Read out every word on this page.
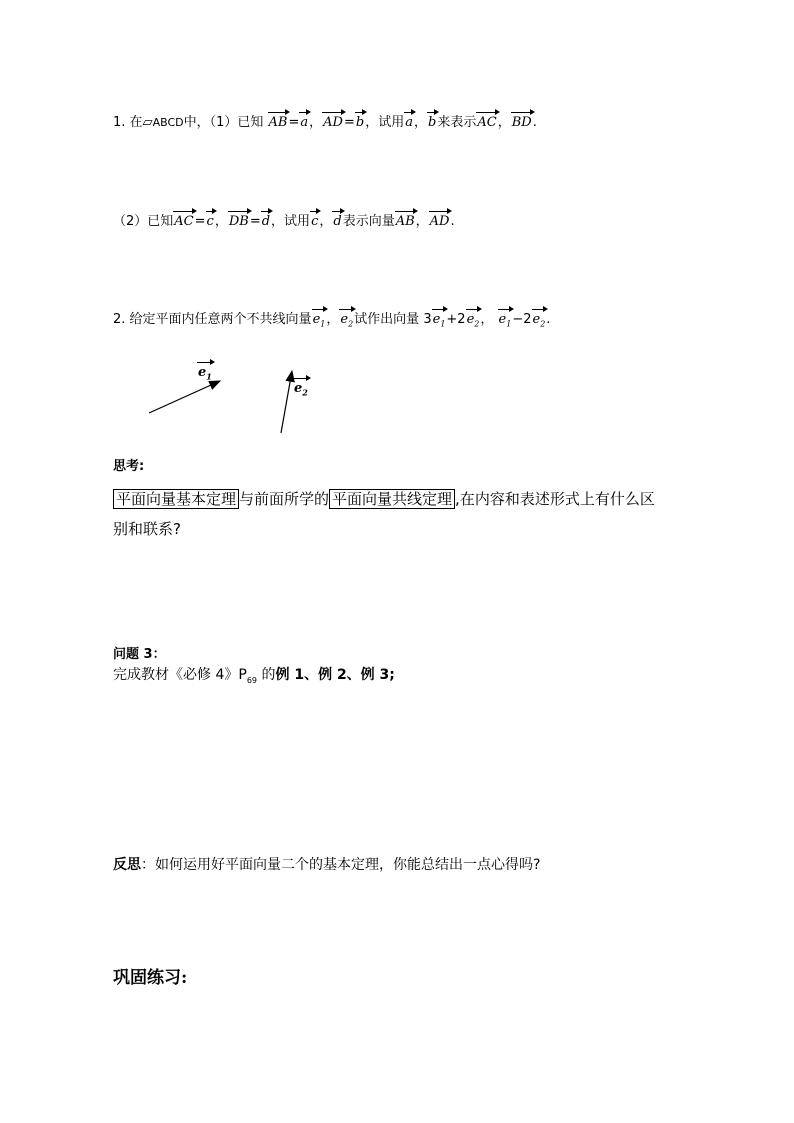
1. 在▱ABCD中，（1）已知 AB=a，AD=b，试用a，b来表示AC，BD.
（2）已知AC=c，DB=d，试用c，d表示向量AB，AD.
2. 给定平面内任意两个不共线向量$e_1$，$e_2$试作出向量 $3e_1+2e_2$， $e_1-2e_2$.
$e_1$
$e_2$
思考:
平面向量基本定理 与前面所学的 平面向量共线定理 ,在内容和表述形式上有什么区
别和联系?
问题 3：
完成教材《必修 4》$P_{69}$ 的例 1、例 2、例 3;
反思：如何运用好平面向量二个的基本定理，你能总结出一点心得吗?
巩固练习:
